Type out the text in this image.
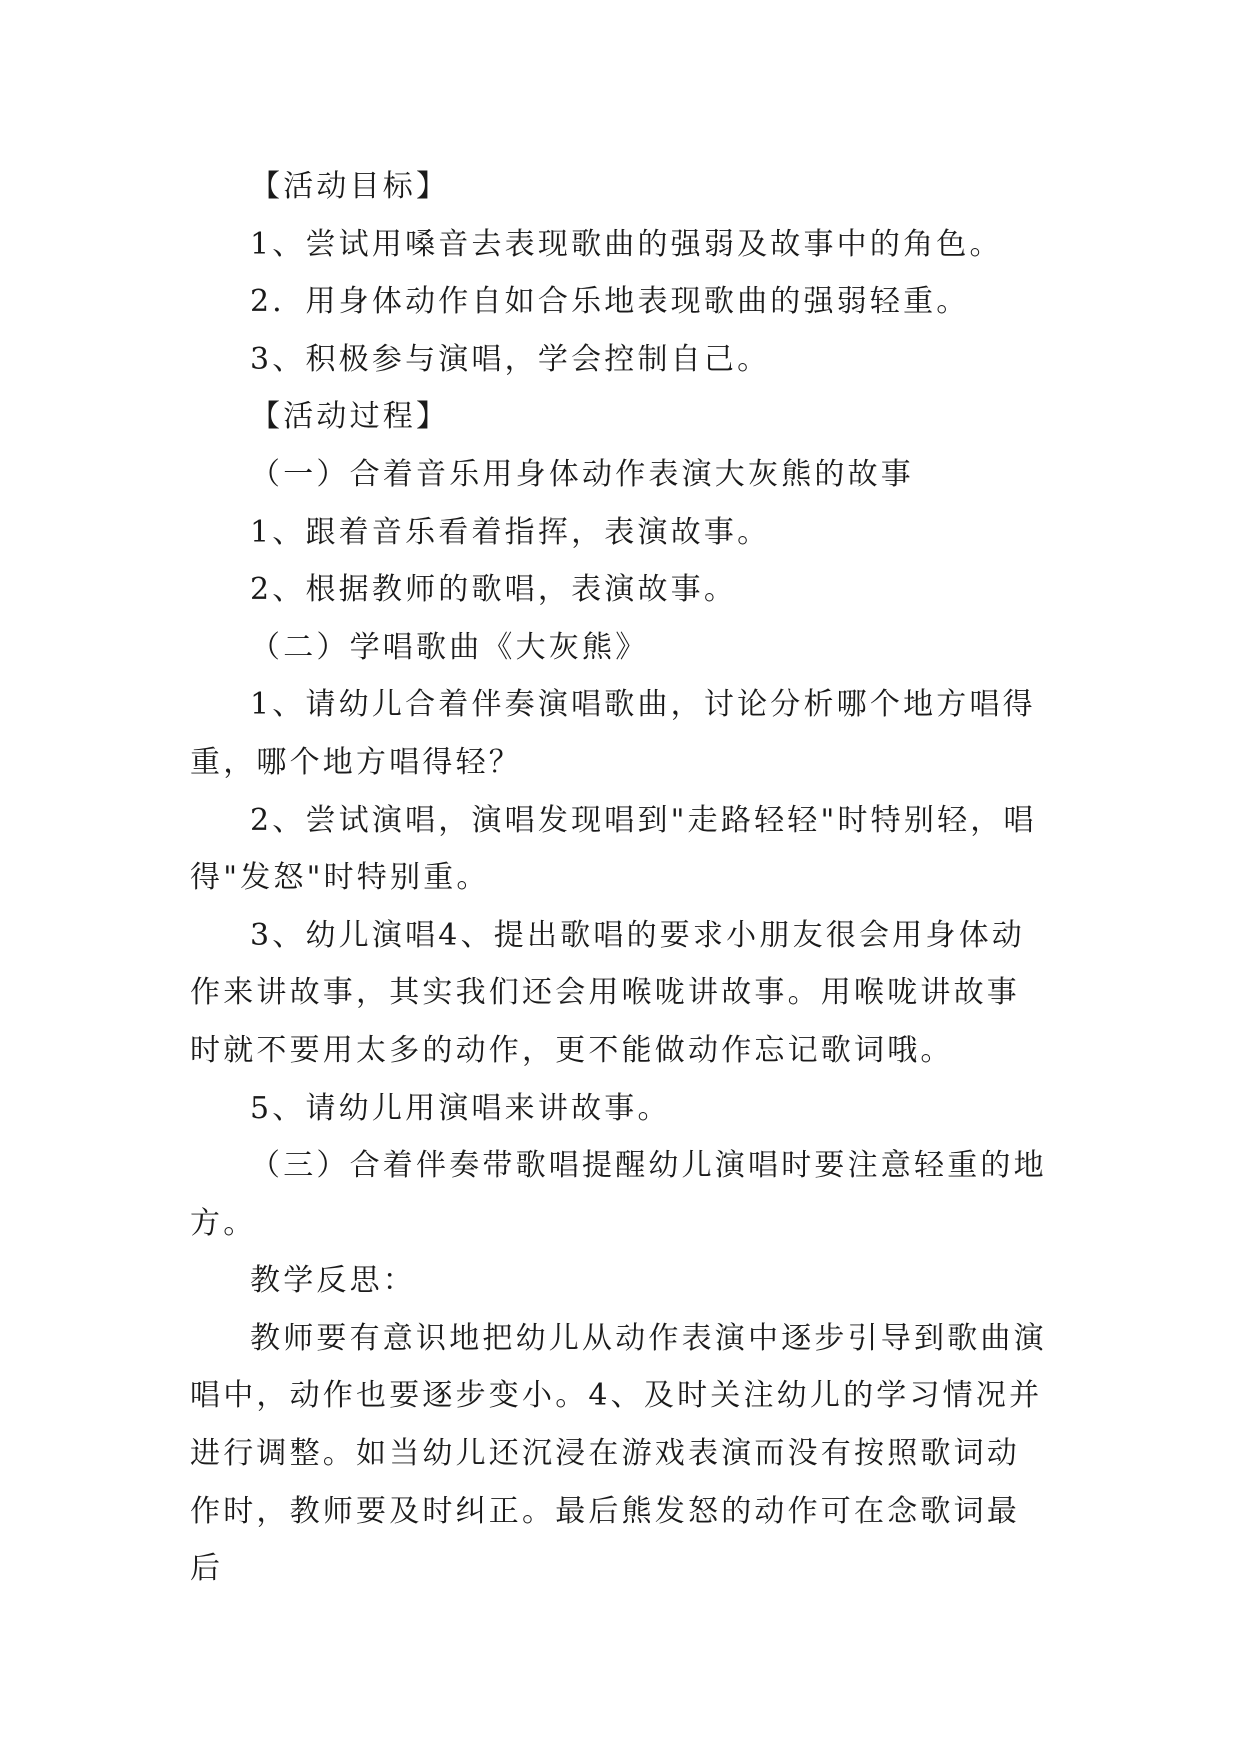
【活动目标】

1、尝试用嗓音去表现歌曲的强弱及故事中的角色。

2．用身体动作自如合乐地表现歌曲的强弱轻重。

3、积极参与演唱，学会控制自己。

【活动过程】

（一）合着音乐用身体动作表演大灰熊的故事

1、跟着音乐看着指挥，表演故事。

2、根据教师的歌唱，表演故事。

（二）学唱歌曲《大灰熊》

1、请幼儿合着伴奏演唱歌曲，讨论分析哪个地方唱得重，哪个地方唱得轻？

2、尝试演唱，演唱发现唱到"走路轻轻"时特别轻，唱得"发怒"时特别重。

3、幼儿演唱4、提出歌唱的要求小朋友很会用身体动作来讲故事，其实我们还会用喉咙讲故事。用喉咙讲故事时就不要用太多的动作，更不能做动作忘记歌词哦。

5、请幼儿用演唱来讲故事。

（三）合着伴奏带歌唱提醒幼儿演唱时要注意轻重的地方。

教学反思：

教师要有意识地把幼儿从动作表演中逐步引导到歌曲演唱中，动作也要逐步变小。4、及时关注幼儿的学习情况并进行调整。如当幼儿还沉浸在游戏表演而没有按照歌词动作时，教师要及时纠正。最后熊发怒的动作可在念歌词最后
